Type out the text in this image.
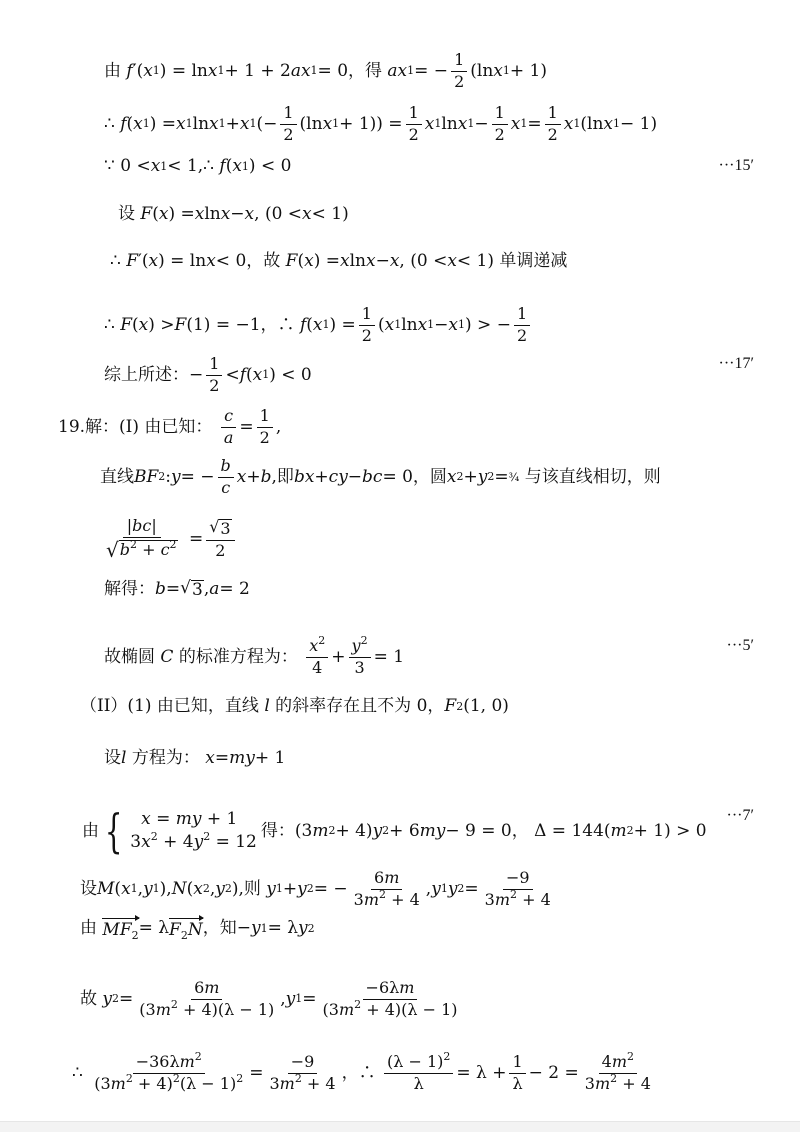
由 f ′( x 1 ) = ln x 1 + 1 + 2 ax 1 = 0 ，得 ax 1 = − $\frac{1}{2} (\ln$ x 1 + 1)
∴ f ( x 1 ) = x 1 ln x 1 + x 1 (− $\frac{1}{2} (\ln$ x $1 + 1)) = \frac{1}{2}$ x 1 ln x $1 - \frac{1}{2}$ x $1 = \frac{1}{2}$ x 1 (ln x 1 − 1)
∵ 0 < x 1 < 1,∴ f ( x 1 ) < 0	···15′
设
F ( x ) = x ln x − x , (0 < x < 1)
∴
F ′( x ) = ln x < 0 ，故
F ( x ) = x ln x − x , (0 < x < 1) 单调递减
∴ F ( x ) > F (1) = −1，∴ f ( x 1 ) = $\frac{1}{2}$ ( x 1 ln x 1 − x 1 ) > − $\frac{1}{2}$
综上所述： − $\frac{1}{2} < f$ ( x 1 ) < 0
···17′
19.解：(I) 由已知：
$\frac{c}{a} = \frac{1}{2}$ ,
直线 BF 2 : y = − $\frac{b}{c}$ x + b ,即 bx + cy − bc = 0 ，圆 x 2 + y 2 = ¾
与该直线相切，则
| $\frac{bc |}{√ b^2 + c^2} = \frac{√ 3}{2}$
解得： b = √ 3 , a = 2
故椭圆 C 的标准方程为：
$\frac{x^2}{4} + \frac{y^2}{3} = 1$
···5′
（II）(1) 由已知，直线 l 的斜率存在且不为 0， F 2 (1, 0)
设 l 方程为：
x = my + 1
由 {	x = my + 1
$3x^2 + 4y^2 = 12$
得： (3 m 2 + 4) y 2 + 6 my − 9 = 0 ， Δ = 144( m 2 + 1) > 0
···7′
设 M ( x 1 , y 1 ), N ( x 2 , y 2 ) ,则
y 1 + y 2 = − $\frac{6m}{3m^2 + 4}$ , y 1 y $2 = \frac{-9}{3m^2 + 4}$
由
$MF_2 = \lambda$ $F_2N$ ，知 − y 1 = λ y 2
故
y $2 = \frac{6m}{(3m^2 + 4)(\lambda - 1)}$ , y $1 = \frac{-6\lambda m}{(3m^2 + 4)(\lambda - 1)}$
∴
$\frac{-36\lambda m^2}{(3m^2 + 4)^2(\lambda - 1)^2} = \frac{-9}{3m^2 + 4}$ ，∴
$\frac{(\lambda - 1)^2}{\lambda} = \lambda + \frac{1}{\lambda} - 2 = \frac{4m^2}{3m^2 + 4}$
